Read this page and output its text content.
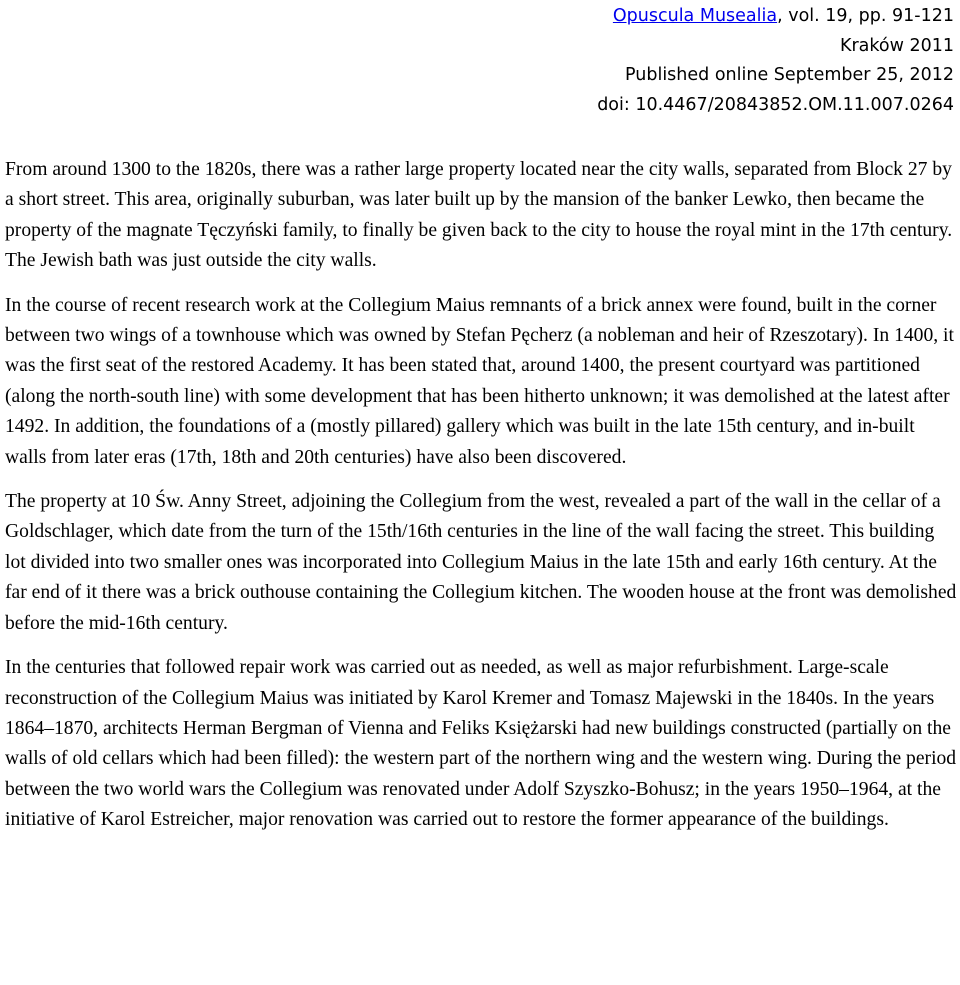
Opuscula Musealia, vol. 19, pp. 91-121
Kraków 2011
Published online September 25, 2012
doi: 10.4467/20843852.OM.11.007.0264

From around 1300 to the 1820s, there was a rather large property located near the city walls, separated from Block 27 by a short street. This area, originally suburban, was later built up by the mansion of the banker Lewko, then became the property of the magnate Tęczyński family, to finally be given back to the city to house the royal mint in the 17th century. The Jewish bath was just outside the city walls.

In the course of recent research work at the Collegium Maius remnants of a brick annex were found, built in the corner between two wings of a townhouse which was owned by Stefan Pęcherz (a nobleman and heir of Rzeszotary). In 1400, it was the first seat of the restored Academy. It has been stated that, around 1400, the present courtyard was partitioned (along the north-south line) with some development that has been hitherto unknown; it was demolished at the latest after 1492. In addition, the foundations of a (mostly pillared) gallery which was built in the late 15th century, and in-built walls from later eras (17th, 18th and 20th centuries) have also been discovered.

The property at 10 Św. Anny Street, adjoining the Collegium from the west, revealed a part of the wall in the cellar of a Goldschlager, which date from the turn of the 15th/16th centuries in the line of the wall facing the street. This building lot divided into two smaller ones was incorporated into Collegium Maius in the late 15th and early 16th century. At the far end of it there was a brick outhouse containing the Collegium kitchen. The wooden house at the front was demolished before the mid-16th century.

In the centuries that followed repair work was carried out as needed, as well as major refurbishment. Large-scale reconstruction of the Collegium Maius was initiated by Karol Kremer and Tomasz Majewski in the 1840s. In the years 1864–1870, architects Herman Bergman of Vienna and Feliks Księżarski had new buildings constructed (partially on the walls of old cellars which had been filled): the western part of the northern wing and the western wing. During the period between the two world wars the Collegium was renovated under Adolf Szyszko-Bohusz; in the years 1950–1964, at the initiative of Karol Estreicher, major renovation was carried out to restore the former appearance of the buildings.
